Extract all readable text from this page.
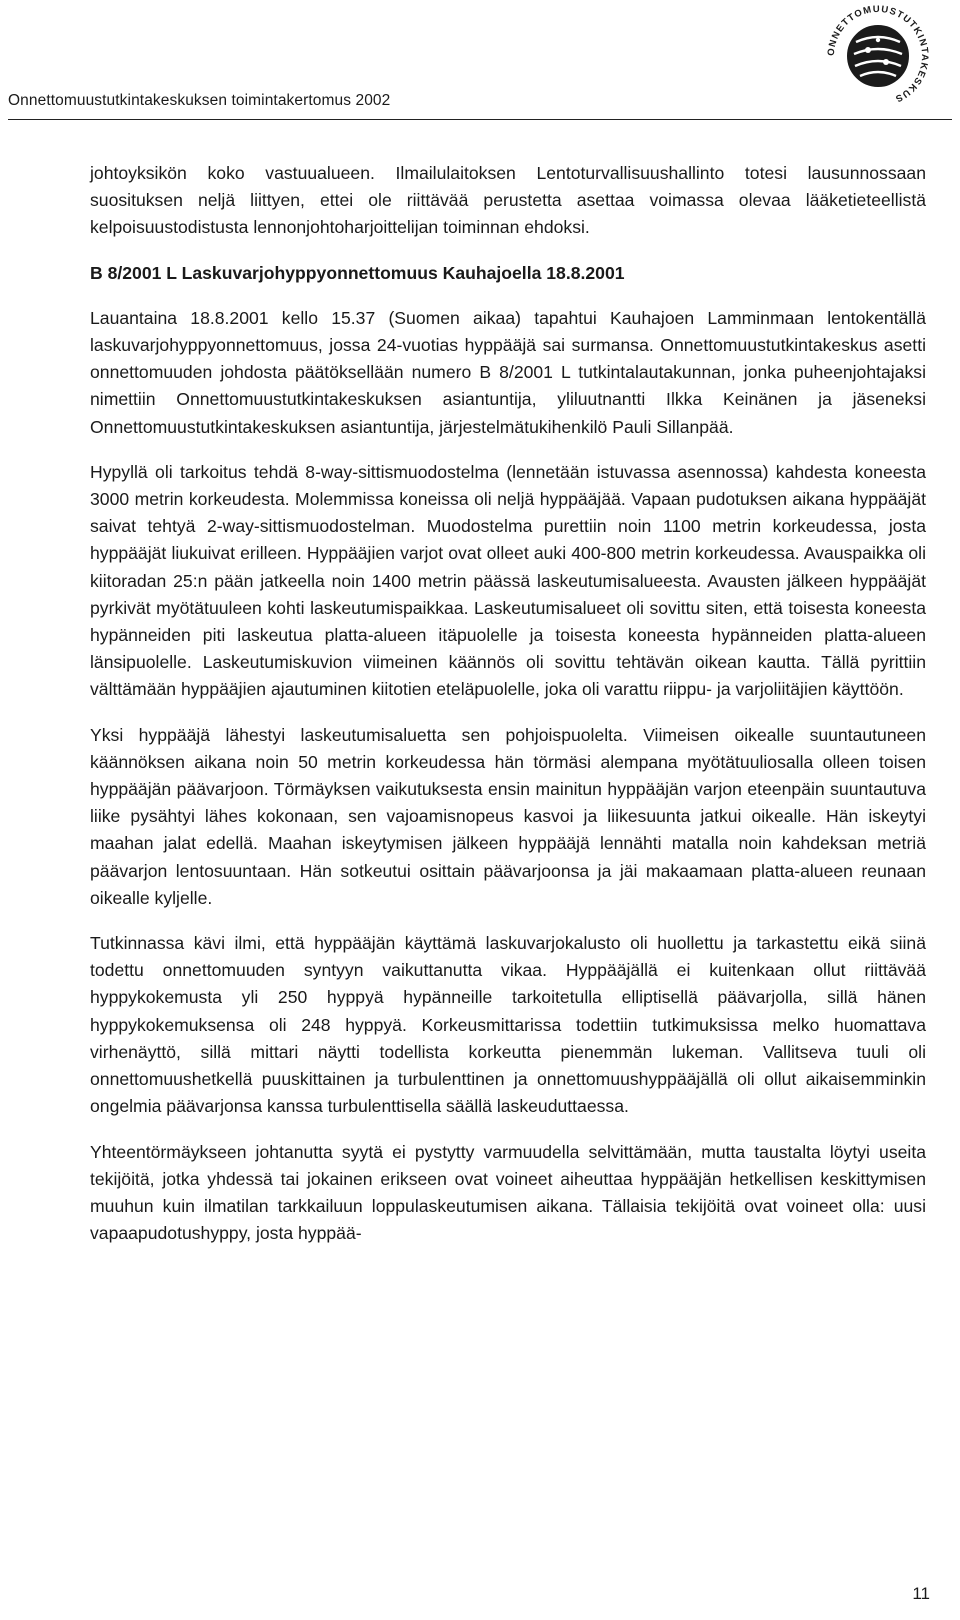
Onnettomuustutkintakeskuksen toimintakertomus 2002
ONNETTOMUUSTUTKINTAKESKUS

johtoyksikön koko vastuualueen. Ilmailulaitoksen Lentoturvallisuushallinto totesi lausunnossaan suosituksen neljä liittyen, ettei ole riittävää perustetta asettaa voimassa olevaa lääketieteellistä kelpoisuustodistusta lennonjohtoharjoittelijan toiminnan ehdoksi.

B 8/2001 L Laskuvarjohyppyonnettomuus Kauhajoella 18.8.2001

Lauantaina 18.8.2001 kello 15.37 (Suomen aikaa) tapahtui Kauhajoen Lamminmaan lentokentällä laskuvarjohyppyonnettomuus, jossa 24-vuotias hyppääjä sai surmansa. Onnettomuustutkintakeskus asetti onnettomuuden johdosta päätöksellään numero B 8/2001 L tutkintalautakunnan, jonka puheenjohtajaksi nimettiin Onnettomuustutkintakeskuksen asiantuntija, yliluutnantti Ilkka Keinänen ja jäseneksi Onnettomuustutkintakeskuksen asiantuntija, järjestelmätukihenkilö Pauli Sillanpää.

Hypyllä oli tarkoitus tehdä 8-way-sittismuodostelma (lennetään istuvassa asennossa) kahdesta koneesta 3000 metrin korkeudesta. Molemmissa koneissa oli neljä hyppääjää. Vapaan pudotuksen aikana hyppääjät saivat tehtyä 2-way-sittismuodostelman. Muodostelma purettiin noin 1100 metrin korkeudessa, josta hyppääjät liukuivat erilleen. Hyppääjien varjot ovat olleet auki 400-800 metrin korkeudessa. Avauspaikka oli kiitoradan 25:n pään jatkeella noin 1400 metrin päässä laskeutumisalueesta. Avausten jälkeen hyppääjät pyrkivät myötätuuleen kohti laskeutumispaikkaa. Laskeutumisalueet oli sovittu siten, että toisesta koneesta hypänneiden piti laskeutua platta-alueen itäpuolelle ja toisesta koneesta hypänneiden platta-alueen länsipuolelle. Laskeutumiskuvion viimeinen käännös oli sovittu tehtävän oikean kautta. Tällä pyrittiin välttämään hyppääjien ajautuminen kiitotien eteläpuolelle, joka oli varattu riippu- ja varjoliitäjien käyttöön.

Yksi hyppääjä lähestyi laskeutumisaluetta sen pohjoispuolelta. Viimeisen oikealle suuntautuneen käännöksen aikana noin 50 metrin korkeudessa hän törmäsi alempana myötätuuliosalla olleen toisen hyppääjän päävarjoon. Törmäyksen vaikutuksesta ensin mainitun hyppääjän varjon eteenpäin suuntautuva liike pysähtyi lähes kokonaan, sen vajoamisnopeus kasvoi ja liikesuunta jatkui oikealle. Hän iskeytyi maahan jalat edellä. Maahan iskeytymisen jälkeen hyppääjä lennähti matalla noin kahdeksan metriä päävarjon lentosuuntaan. Hän sotkeutui osittain päävarjoonsa ja jäi makaamaan platta-alueen reunaan oikealle kyljelle.

Tutkinnassa kävi ilmi, että hyppääjän käyttämä laskuvarjokalusto oli huollettu ja tarkastettu eikä siinä todettu onnettomuuden syntyyn vaikuttanutta vikaa. Hyppääjällä ei kuitenkaan ollut riittävää hyppykokemusta yli 250 hyppyä hypänneille tarkoitetulla elliptisellä päävarjolla, sillä hänen hyppykokemuksensa oli 248 hyppyä. Korkeusmittarissa todettiin tutkimuksissa melko huomattava virhenäyttö, sillä mittari näytti todellista korkeutta pienemmän lukeman. Vallitseva tuuli oli onnettomuushetkellä puuskittainen ja turbulenttinen ja onnettomuushyppääjällä oli ollut aikaisemminkin ongelmia päävarjonsa kanssa turbulenttisella säällä laskeuduttaessa.

Yhteentörmäykseen johtanutta syytä ei pystytty varmuudella selvittämään, mutta taustalta löytyi useita tekijöitä, jotka yhdessä tai jokainen erikseen ovat voineet aiheuttaa hyppääjän hetkellisen keskittymisen muuhun kuin ilmatilan tarkkailuun loppulaskeutumisen aikana. Tällaisia tekijöitä ovat voineet olla: uusi vapaapudotushyppy, josta hyppää-

11
